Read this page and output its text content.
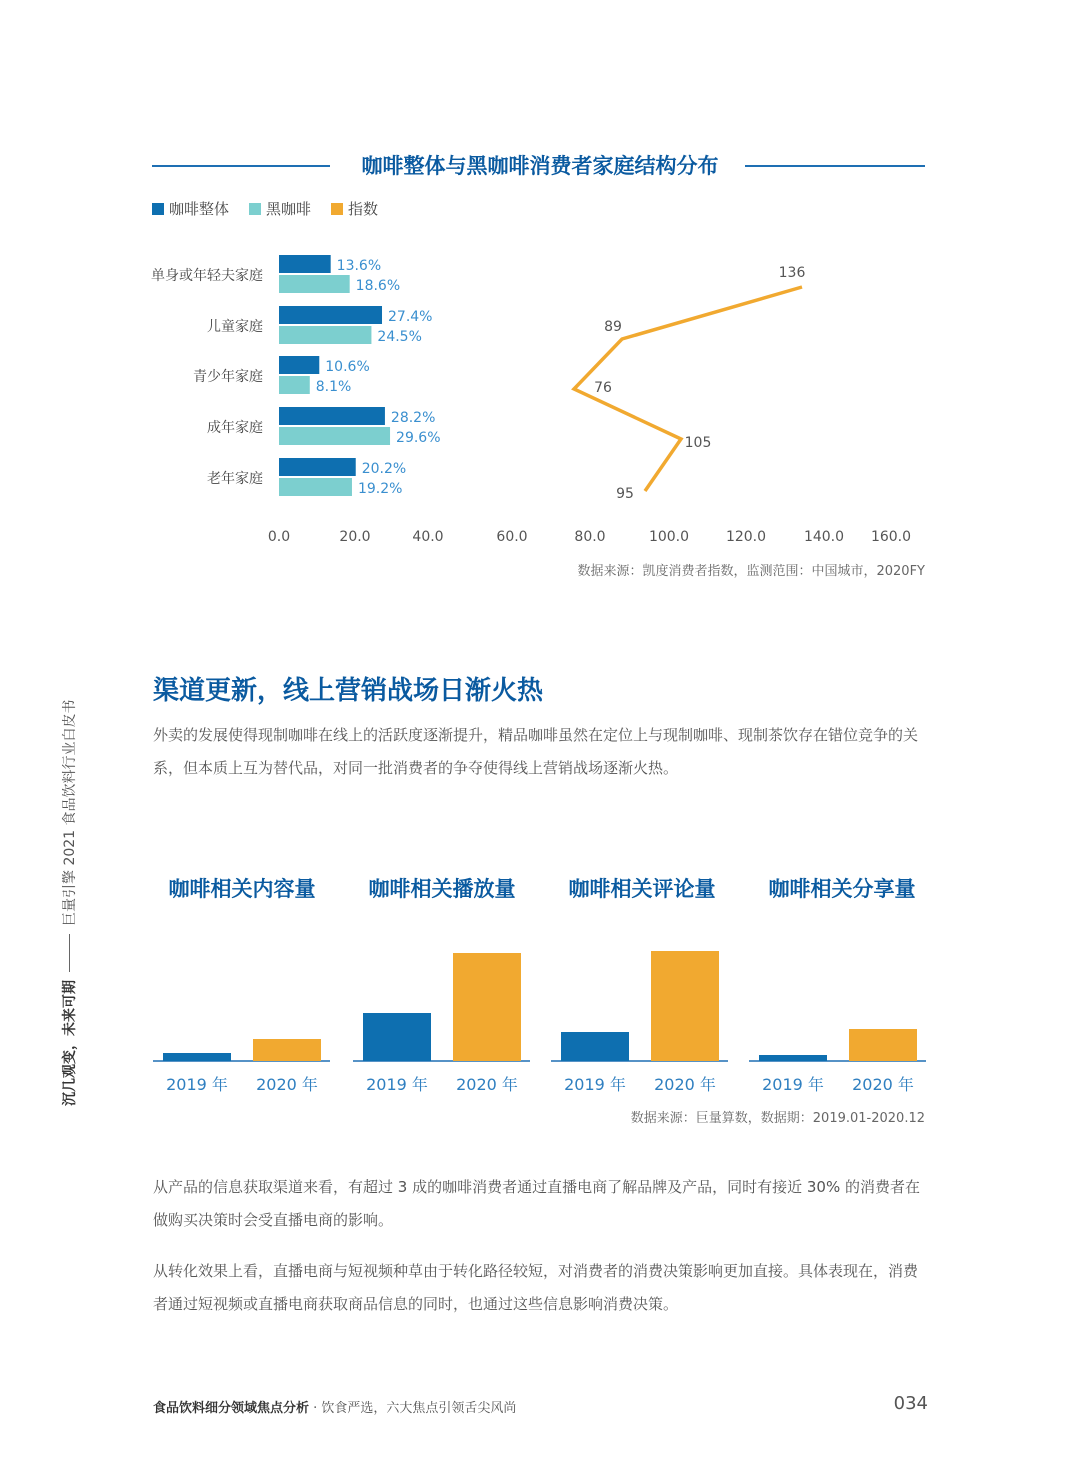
沉几观变，未来可期
巨量引擎 2021 食品饮料行业白皮书
咖啡整体与黑咖啡消费者家庭结构分布
咖啡整体 黑咖啡 指数
单身或年轻夫家庭
13.6%
18.6%
儿童家庭
27.4%
24.5%
青少年家庭
10.6%
8.1%
成年家庭
28.2%
29.6%
老年家庭
20.2%
19.2%
0.0	20.0	40.0	60.0	80.0	100.0	120.0	140.0 160.0
136
89
76
105
95
数据来源：凯度消费者指数，监测范围：中国城市，2020FY
渠道更新，线上营销战场日渐火热
外卖的发展使得现制咖啡在线上的活跃度逐渐提升，精品咖啡虽然在定位上与现制咖啡、现制茶饮存在错位竞争的关系，但本质上互为替代品，对同一批消费者的争夺使得线上营销战场逐渐火热。
咖啡相关内容量	咖啡相关播放量	咖啡相关评论量	咖啡相关分享量
2019 年 2020 年	2019 年 2020 年	2019 年 2020 年	2019 年 2020 年
数据来源：巨量算数，数据期：2019.01-2020.12
从产品的信息获取渠道来看，有超过 3 成的咖啡消费者通过直播电商了解品牌及产品，同时有接近 30% 的消费者在做购买决策时会受直播电商的影响。
从转化效果上看，直播电商与短视频种草由于转化路径较短，对消费者的消费决策影响更加直接。具体表现在，消费者通过短视频或直播电商获取商品信息的同时，也通过这些信息影响消费决策。
食品饮料细分领域焦点分析 · 饮食严选，六大焦点引领舌尖风尚	034
